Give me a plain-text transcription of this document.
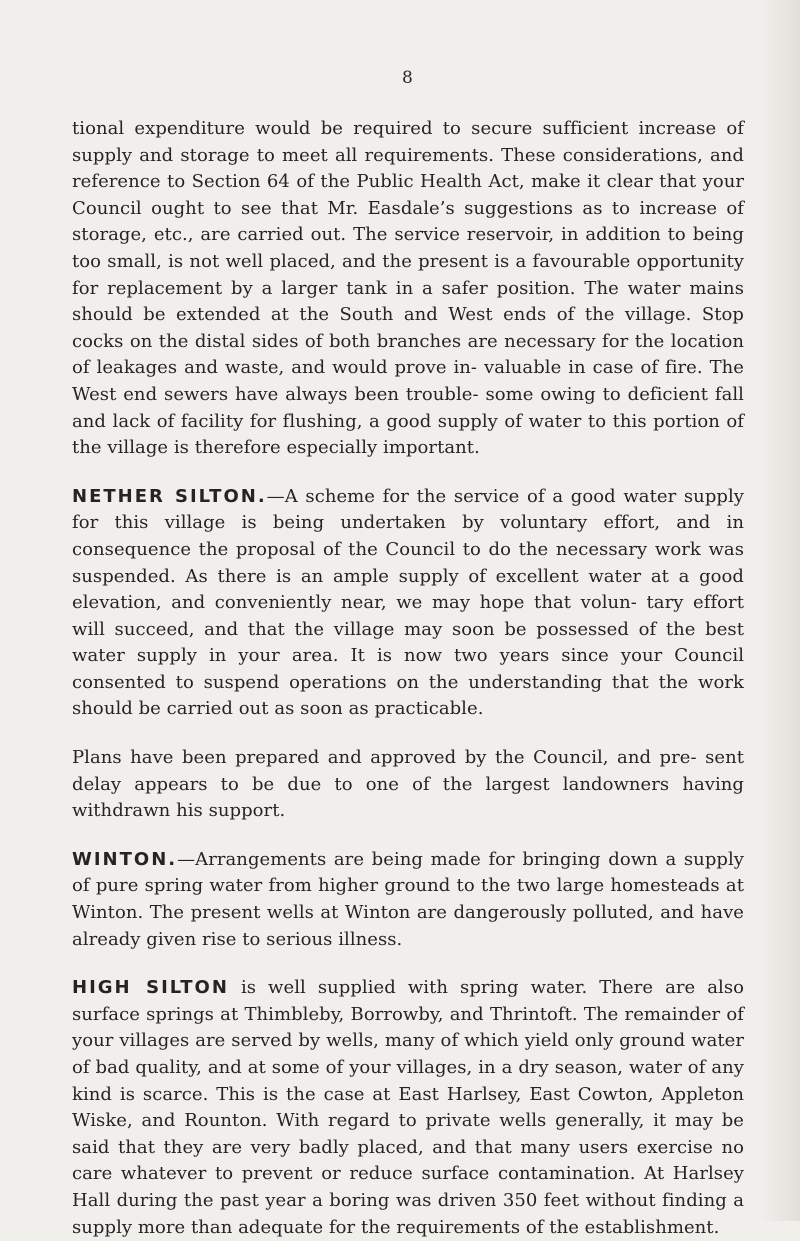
8

tional expenditure would be required to secure sufficient increase of supply and storage to meet all requirements. These considerations, and reference to Section 64 of the Public Health Act, make it clear that your Council ought to see that Mr. Easdale’s suggestions as to increase of storage, etc., are carried out. The service reservoir, in addition to being too small, is not well placed, and the present is a favourable opportunity for replacement by a larger tank in a safer position. The water mains should be extended at the South and West ends of the village. Stop cocks on the distal sides of both branches are necessary for the location of leakages and waste, and would prove in- valuable in case of fire. The West end sewers have always been trouble- some owing to deficient fall and lack of facility for flushing, a good supply of water to this portion of the village is therefore especially important.

NETHER SILTON.—A scheme for the service of a good water supply for this village is being undertaken by voluntary effort, and in consequence the proposal of the Council to do the necessary work was suspended. As there is an ample supply of excellent water at a good elevation, and conveniently near, we may hope that volun- tary effort will succeed, and that the village may soon be possessed of the best water supply in your area. It is now two years since your Council consented to suspend operations on the understanding that the work should be carried out as soon as practicable.

Plans have been prepared and approved by the Council, and pre- sent delay appears to be due to one of the largest landowners having withdrawn his support.

WINTON.—Arrangements are being made for bringing down a supply of pure spring water from higher ground to the two large homesteads at Winton. The present wells at Winton are dangerously polluted, and have already given rise to serious illness.

HIGH SILTON is well supplied with spring water. There are also surface springs at Thimbleby, Borrowby, and Thrintoft. The remainder of your villages are served by wells, many of which yield only ground water of bad quality, and at some of your villages, in a dry season, water of any kind is scarce. This is the case at East Harlsey, East Cowton, Appleton Wiske, and Rounton. With regard to private wells generally, it may be said that they are very badly placed, and that many users exercise no care whatever to prevent or reduce surface contamination. At Harlsey Hall during the past year a boring was driven 350 feet without finding a supply more than adequate for the requirements of the establishment.
